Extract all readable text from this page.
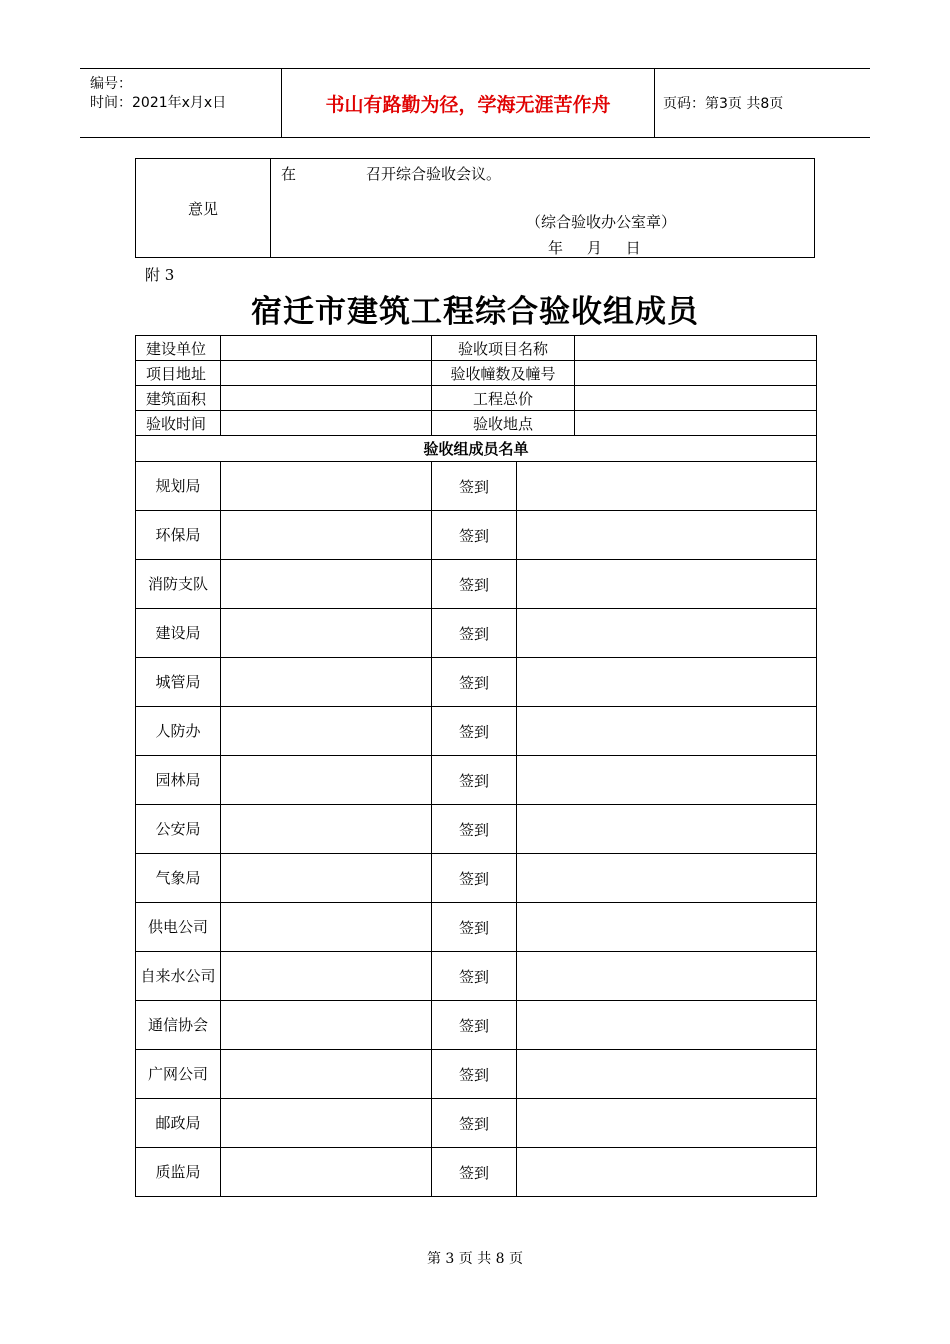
编号：
时间：2021年x月x日	书山有路勤为径，学海无涯苦作舟	页码：第3页 共8页
意见
在	召开综合验收会议。
（综合验收办公室章）
年     月     日
附 3
宿迁市建筑工程综合验收组成员
建设单位		验收项目名称		
项目地址		验收幢数及幢号		
建筑面积		工程总价		
验收时间		验收地点		
验收组成员名单				
规划局		签到		
环保局		签到		
消防支队		签到		
建设局		签到		
城管局		签到		
人防办		签到		
园林局		签到		
公安局		签到		
气象局		签到		
供电公司		签到		
自来水公司		签到		
通信协会		签到		
广网公司		签到		
邮政局		签到		
质监局		签到		
第 3 页 共 8 页
